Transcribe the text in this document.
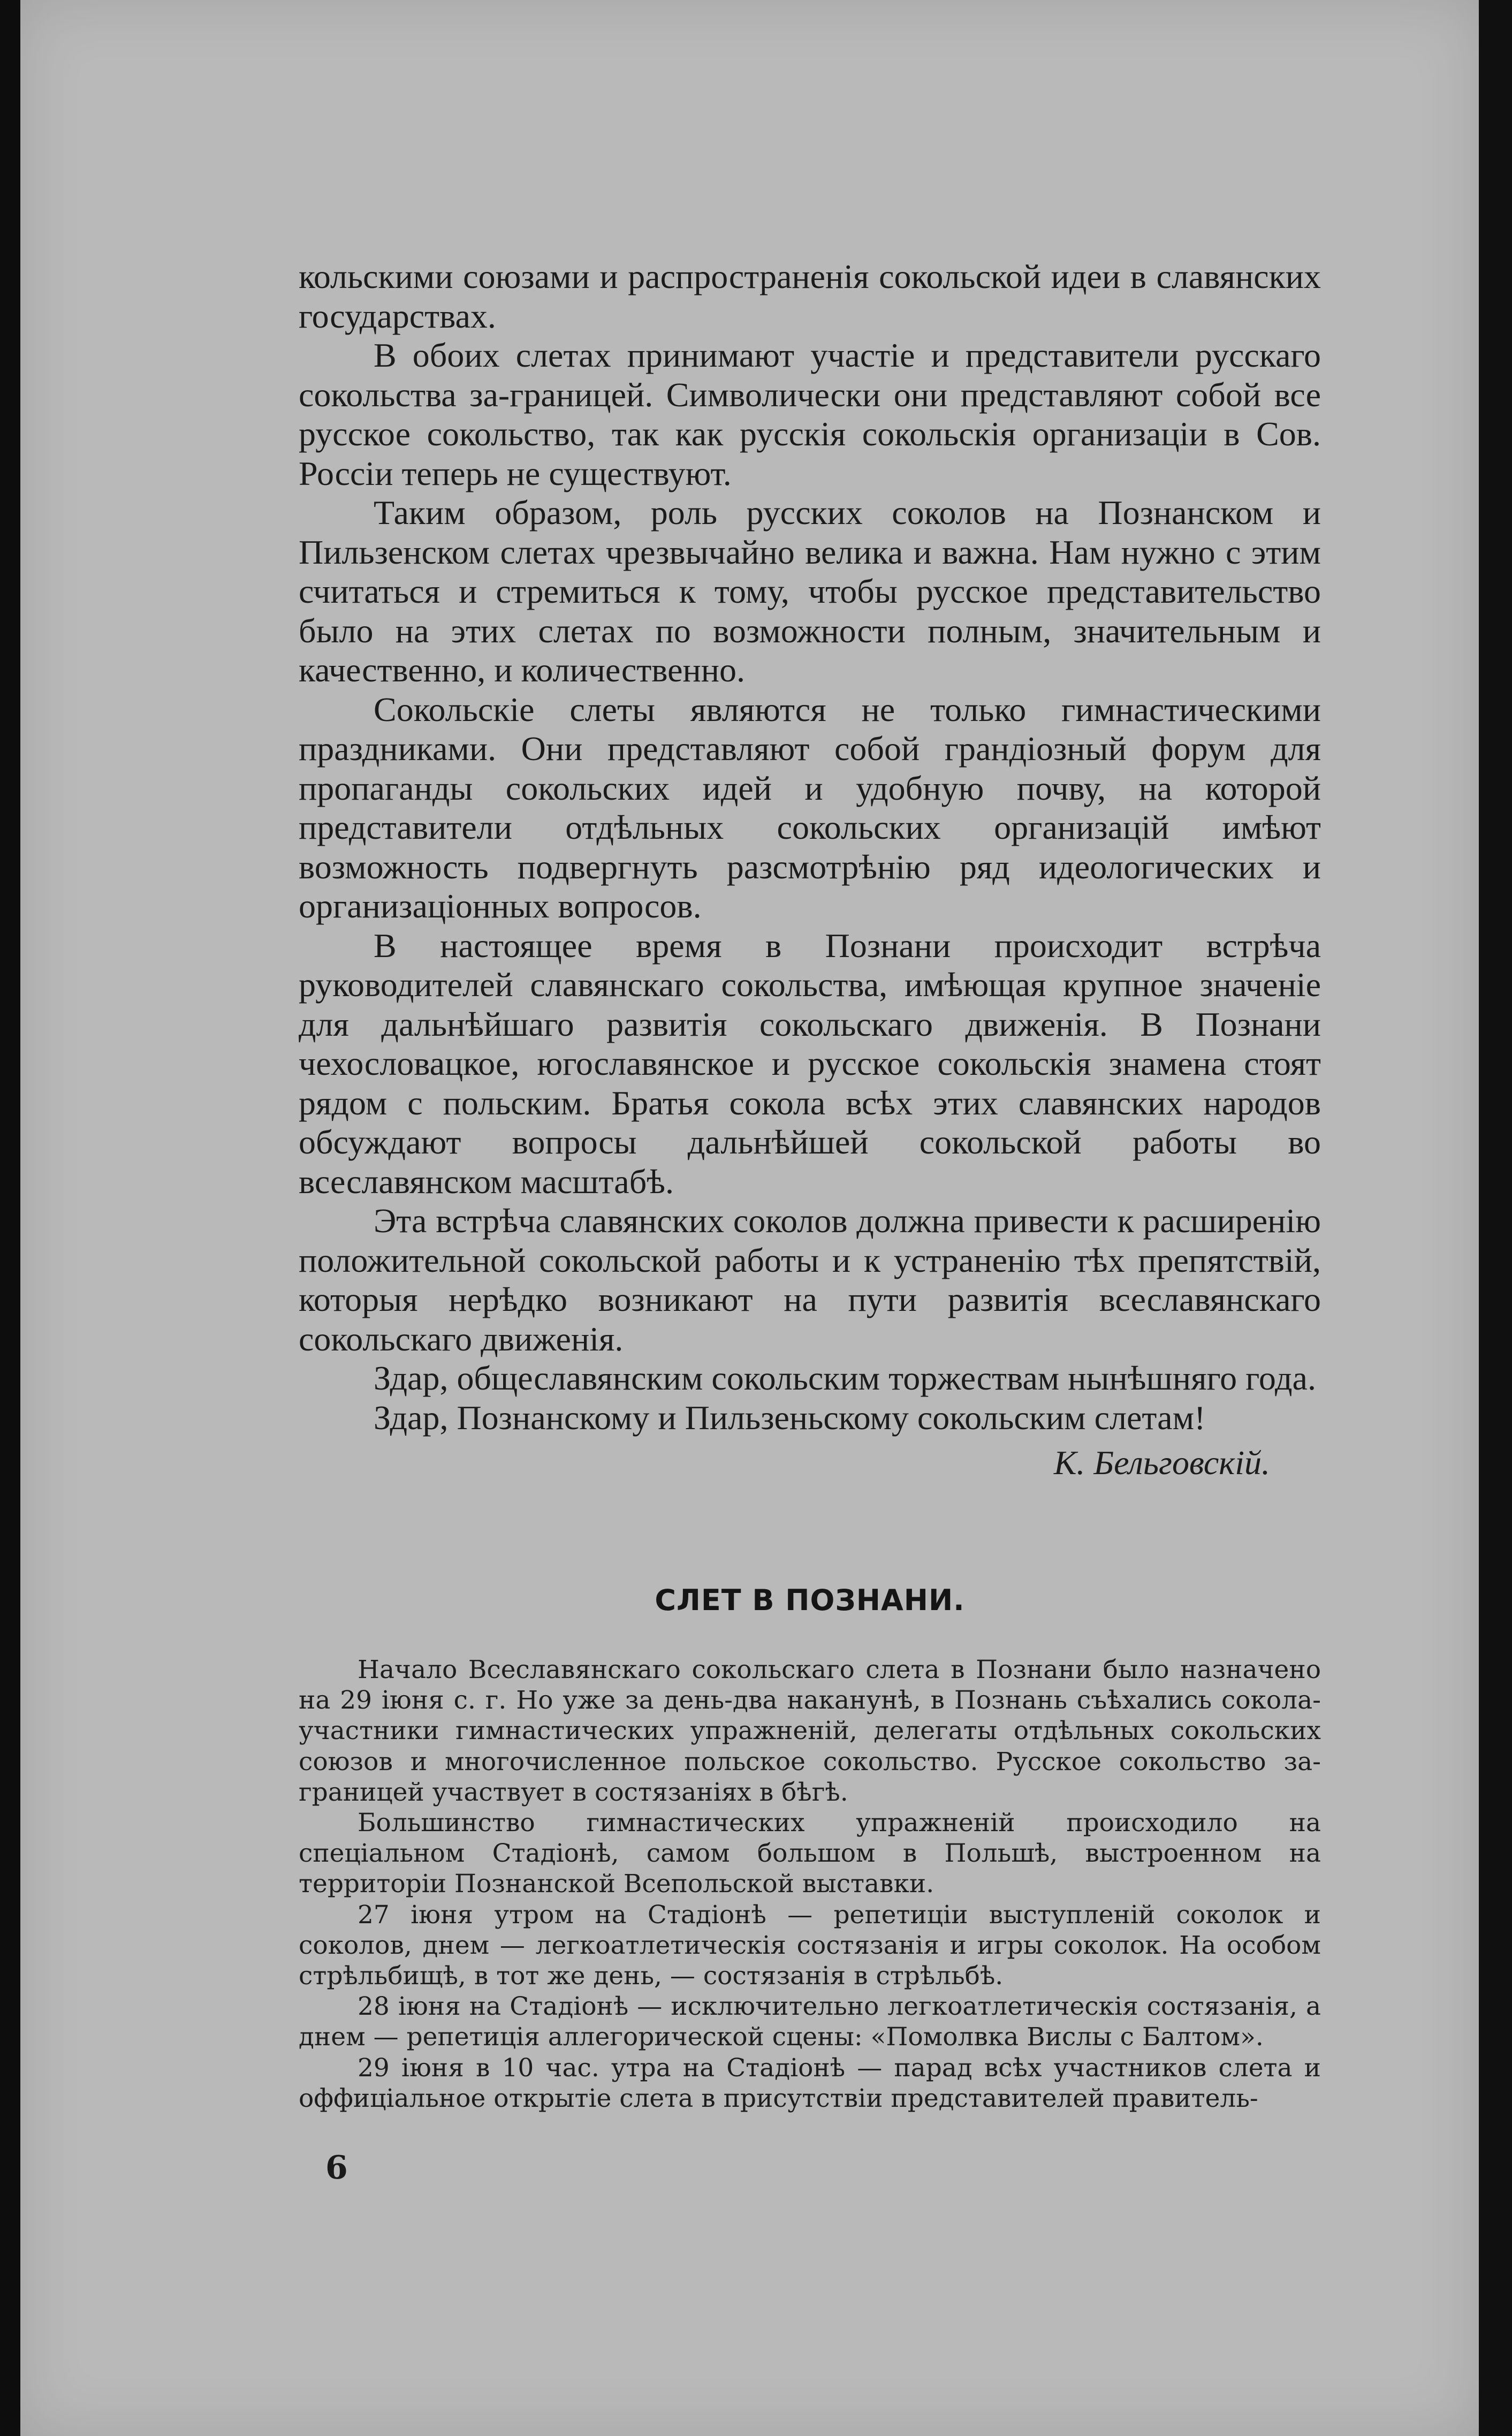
кольскими союзами и распространенія сокольской идеи в славянских государствах.

В обоих слетах принимают участіе и представители русскаго сокольства за-границей. Символически они представляют собой все русское сокольство, так как русскія сокольскія организаціи в Сов. Россіи теперь не существуют.

Таким образом, роль русских соколов на Познанском и Пильзенском слетах чрезвычайно велика и важна. Нам нужно с этим считаться и стремиться к тому, чтобы русское представительство было на этих слетах по возможности полным, значительным и качественно, и количественно.

Сокольскіе слеты являются не только гимнастическими праздниками. Они представляют собой грандіозный форум для пропаганды сокольских идей и удобную почву, на которой представители отдѣльных сокольских организацій имѣют возможность подвергнуть разсмотрѣнію ряд идеологических и организаціонных вопросов.

В настоящее время в Познани происходит встрѣча руководителей славянскаго сокольства, имѣющая крупное значеніе для дальнѣйшаго развитія сокольскаго движенія. В Познани чехословацкое, югославянское и русское сокольскія знамена стоят рядом с польским. Братья сокола всѣх этих славянских народов обсуждают вопросы дальнѣйшей сокольской работы во всеславянском масштабѣ.

Эта встрѣча славянских соколов должна привести к расширенію положительной сокольской работы и к устраненію тѣх препятствій, которыя нерѣдко возникают на пути развитія всеславянскаго сокольскаго движенія.

Здар, общеславянским сокольским торжествам нынѣшняго года.

Здар, Познанскому и Пильзеньскому сокольским слетам!

К. Бельговскій.
СЛЕТ В ПОЗНАНИ.

Начало Всеславянскаго сокольскаго слета в Познани было назначено на 29 іюня с. г. Но уже за день-два наканунѣ, в Познань съѣхались сокола-участники гимнастических упражненій, делегаты отдѣльных сокольских союзов и многочисленное польское сокольство. Русское сокольство за-границей участвует в состязаніях в бѣгѣ.

Большинство гимнастических упражненій происходило на спеціальном Стадіонѣ, самом большом в Польшѣ, выстроенном на территоріи Познанской Всепольской выставки.

27 іюня утром на Стадіонѣ — репетиціи выступленій соколок и соколов, днем — легкоатлетическія состязанія и игры соколок. На особом стрѣльбищѣ, в тот же день, — состязанія в стрѣльбѣ.

28 іюня на Стадіонѣ — исключительно легкоатлетическія состязанія, а днем — репетиція аллегорической сцены: «Помолвка Вислы с Балтом».

29 іюня в 10 час. утра на Стадіонѣ — парад всѣх участников слета и оффиціальное открытіе слета в присутствіи представителей правитель-

6
